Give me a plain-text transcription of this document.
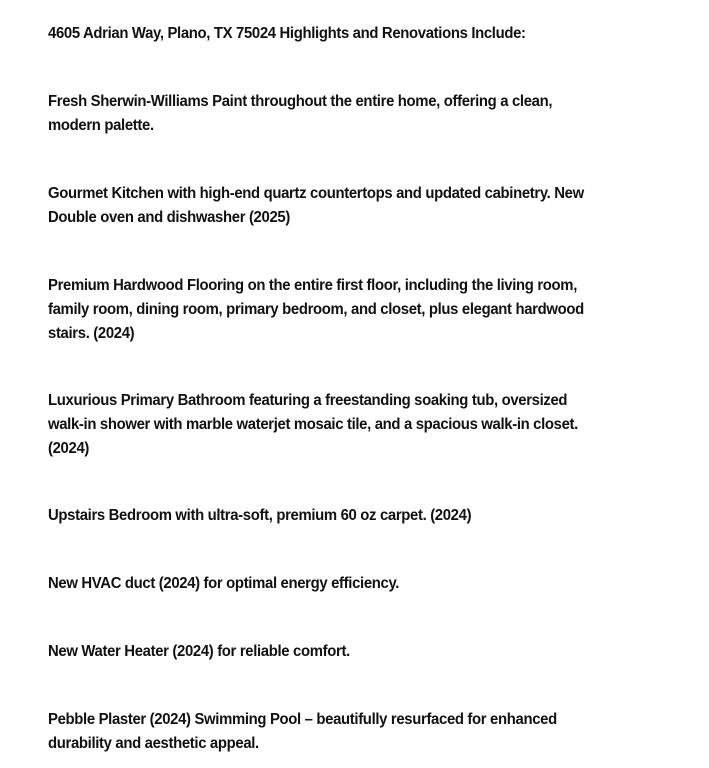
4605 Adrian Way, Plano, TX 75024 Highlights and Renovations Include:
Fresh Sherwin-Williams Paint throughout the entire home, offering a clean,
modern palette.
Gourmet Kitchen with high-end quartz countertops and updated cabinetry. New
Double oven and dishwasher (2025)
Premium Hardwood Flooring on the entire first floor, including the living room,
family room, dining room, primary bedroom, and closet, plus elegant hardwood
stairs. (2024)
Luxurious Primary Bathroom featuring a freestanding soaking tub, oversized
walk-in shower with marble waterjet mosaic tile, and a spacious walk-in closet.
(2024)
Upstairs Bedroom with ultra-soft, premium 60 oz carpet. (2024)
New HVAC duct (2024) for optimal energy efficiency.
New Water Heater (2024) for reliable comfort.
Pebble Plaster (2024) Swimming Pool – beautifully resurfaced for enhanced
durability and aesthetic appeal.
